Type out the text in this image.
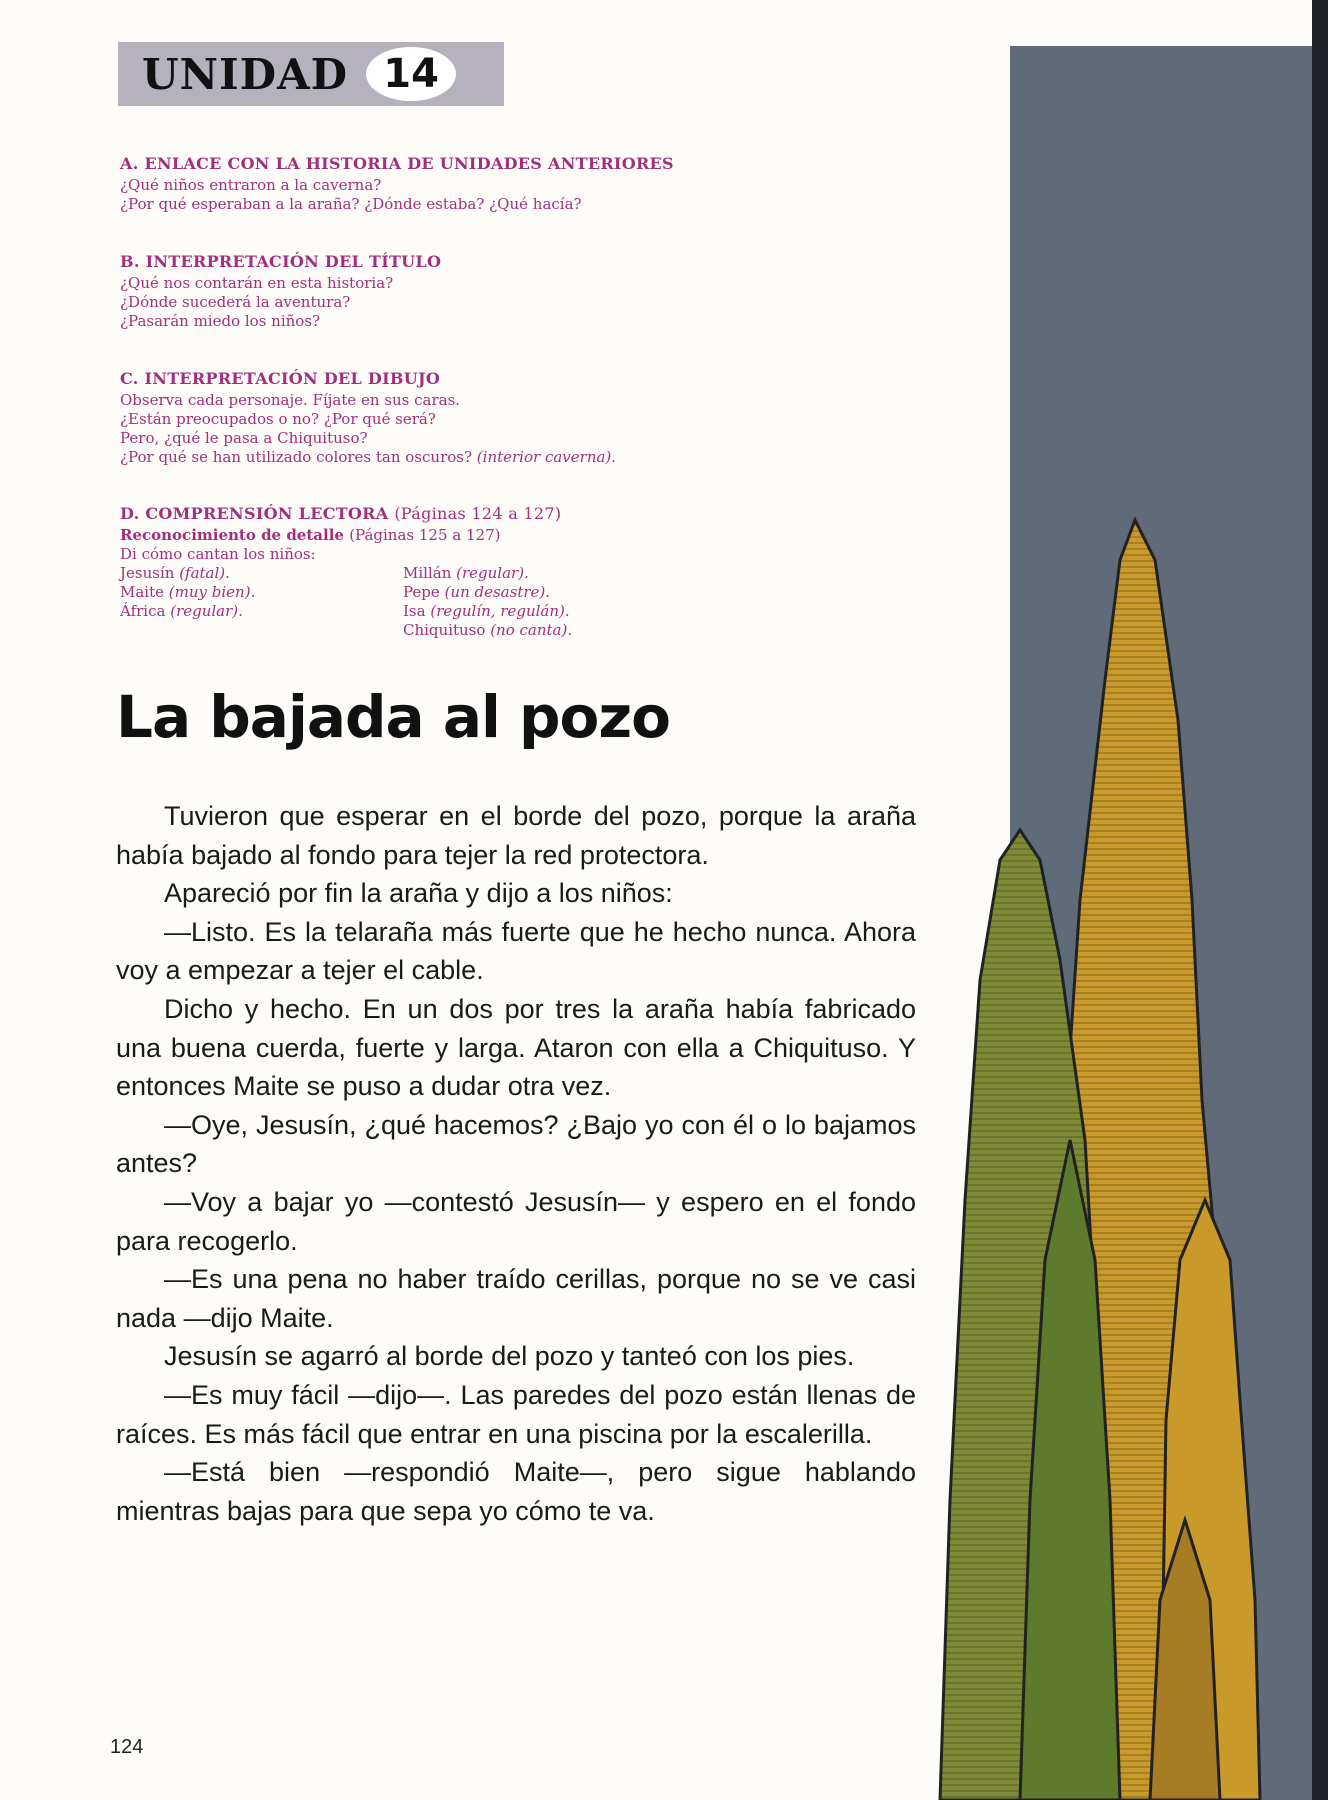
UNIDAD 14
A. ENLACE CON LA HISTORIA DE UNIDADES ANTERIORES
¿Qué niños entraron a la caverna?
¿Por qué esperaban a la araña? ¿Dónde estaba? ¿Qué hacía?
B. INTERPRETACIÓN DEL TÍTULO
¿Qué nos contarán en esta historia?
¿Dónde sucederá la aventura?
¿Pasarán miedo los niños?
C. INTERPRETACIÓN DEL DIBUJO
Observa cada personaje. Fíjate en sus caras.
¿Están preocupados o no? ¿Por qué será?
Pero, ¿qué le pasa a Chiquituso?
¿Por qué se han utilizado colores tan oscuros? (interior caverna).
D. COMPRENSIÓN LECTORA (Páginas 124 a 127)
Reconocimiento de detalle (Páginas 125 a 127)
Di cómo cantan los niños:
Jesusín (fatal).
Maite (muy bien).
África (regular).
Millán (regular).
Pepe (un desastre).
Isa (regulín, regulán).
Chiquituso (no canta).
La bajada al pozo

Tuvieron que esperar en el borde del pozo, porque la araña había bajado al fondo para tejer la red protectora.

Apareció por fin la araña y dijo a los niños:

—Listo. Es la telaraña más fuerte que he hecho nunca. Ahora voy a empezar a tejer el cable.

Dicho y hecho. En un dos por tres la araña había fabricado una buena cuerda, fuerte y larga. Ataron con ella a Chiquituso. Y entonces Maite se puso a dudar otra vez.

—Oye, Jesusín, ¿qué hacemos? ¿Bajo yo con él o lo bajamos antes?

—Voy a bajar yo —contestó Jesusín— y espero en el fondo para recogerlo.

—Es una pena no haber traído cerillas, porque no se ve casi nada —dijo Maite.

Jesusín se agarró al borde del pozo y tanteó con los pies.

—Es muy fácil —dijo—. Las paredes del pozo están llenas de raíces. Es más fácil que entrar en una piscina por la escalerilla.

—Está bien —respondió Maite—, pero sigue hablando mientras bajas para que sepa yo cómo te va.

124
